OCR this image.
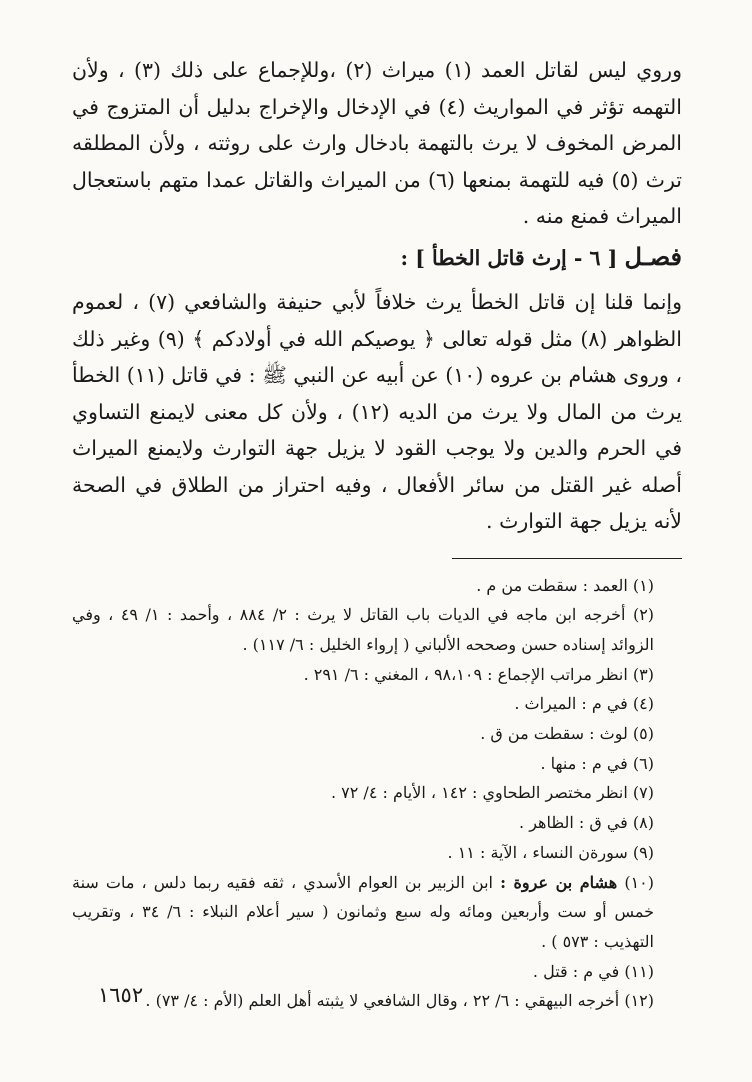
وروي ليس لقاتل العمد (١) ميراث (٢) ،وللإجماع على ذلك (٣) ، ولأن التهمه تؤثر في المواريث (٤) في الإدخال والإخراج بدليل أن المتزوج في المرض المخوف لا يرث بالتهمة بادخال وارث على روثته ، ولأن المطلقه ترث (٥) فيه للتهمة بمنعها (٦) من الميراث والقاتل عمدا متهم باستعجال الميراث فمنع منه .

فصـل [ ٦ - إرث قاتل الخطأ ] :

وإنما قلنا إن قاتل الخطأ يرث خلافاً لأبي حنيفة والشافعي (٧) ، لعموم الظواهر (٨) مثل قوله تعالى ﴿ يوصيكم الله في أولادكم ﴾ (٩) وغير ذلك ، وروى هشام بن عروه (١٠) عن أبيه عن النبي ﷺ : في قاتل (١١) الخطأ يرث من المال ولا يرث من الديه (١٢) ، ولأن كل معنى لايمنع التساوي في الحرم والدين ولا يوجب القود لا يزيل جهة التوارث ولايمنع الميراث أصله غير القتل من سائر الأفعال ، وفيه احتراز من الطلاق في الصحة لأنه يزيل جهة التوارث .

(١) العمد : سقطت من م .

(٢) أخرجه ابن ماجه في الديات باب القاتل لا يرث : ٢/ ٨٨٤ ، وأحمد : ١/ ٤٩ ، وفي الزوائد إسناده حسن وصححه الألباني ( إرواء الخليل : ٦/ ١١٧) .

(٣) انظر مراتب الإجماع : ٩٨،١٠٩ ، المغني : ٦/ ٢٩١ .

(٤) في م : الميراث .

(٥) لوث : سقطت من ق .

(٦) في م : منها .

(٧) انظر مختصر الطحاوي : ١٤٢ ، الأيام : ٤/ ٧٢ .

(٨) في ق : الظاهر .

(٩) سورةن النساء ، الآية : ١١ .

(١٠) هشام بن عروة : ابن الزبير بن العوام الأسدي ، ثقه فقيه ربما دلس ، مات سنة خمس أو ست وأربعين ومائه وله سبع وثمانون ( سير أعلام النبلاء : ٦/ ٣٤ ، وتقريب التهذيب : ٥٧٣ ) .

(١١) في م : قتل .

(١٢) أخرجه البيهقي : ٦/ ٢٢ ، وقال الشافعي لا يثبته أهل العلم (الأم : ٤/ ٧٣) .

١٦٥٢
